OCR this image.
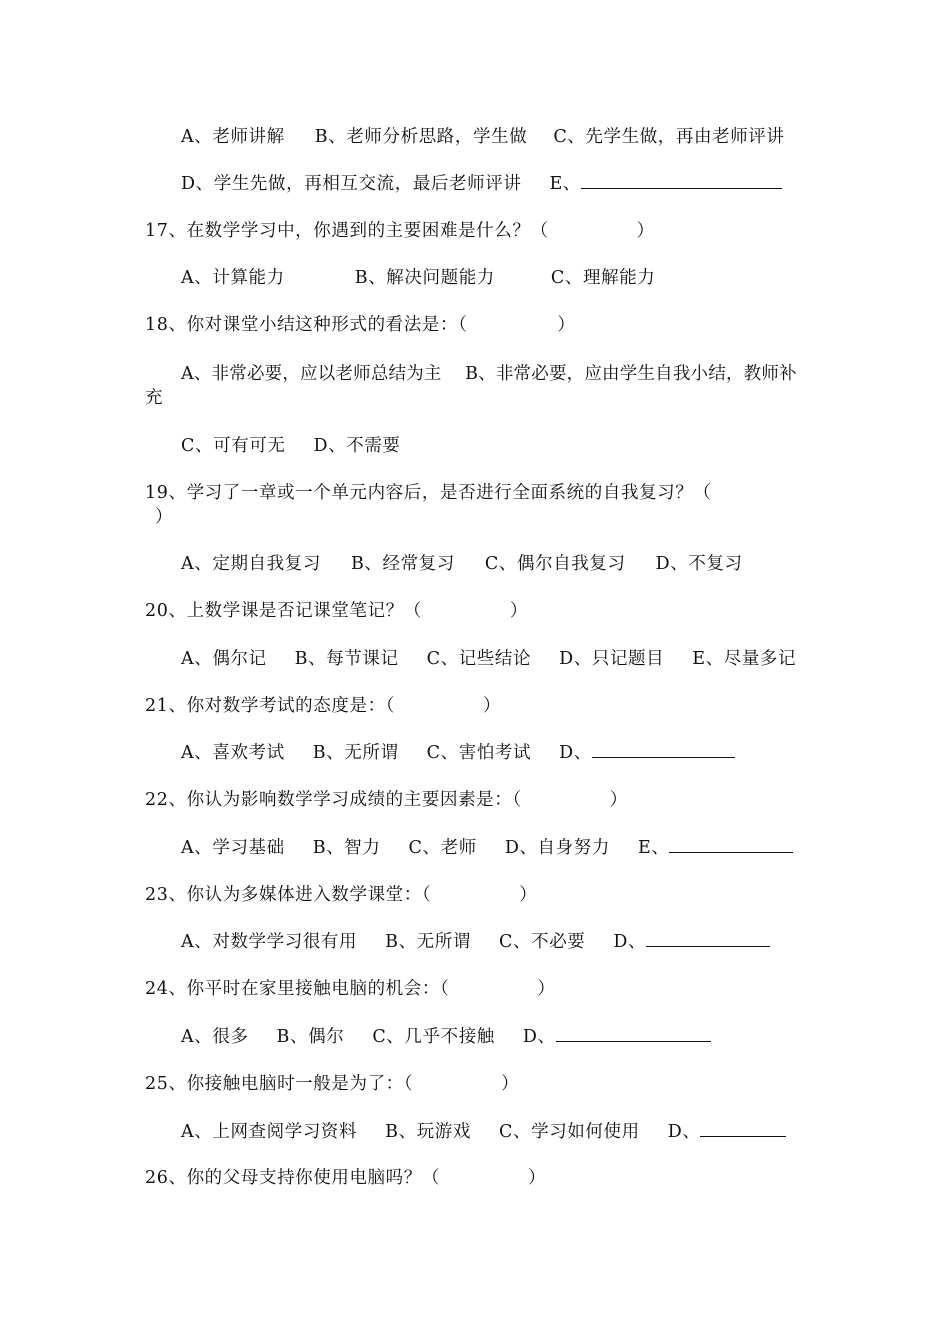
A、老师讲解 B、老师分析思路，学生做 C、先学生做，再由老师评讲
D、学生先做，再相互交流，最后老师评讲 E、
17、在数学学习中，你遇到的主要困难是什么？（	）
A、计算能力	B、解决问题能力	C、理解能力
18、你对课堂小结这种形式的看法是：（	）
A、非常必要，应以老师总结为主　 B、非常必要，应由学生自我小结，教师补
充
C、可有可无 D、不需要
19、学习了一章或一个单元内容后，是否进行全面系统的自我复习？（
）
A、定期自我复习 B、经常复习 C、偶尔自我复习 D、不复习
20、上数学课是否记课堂笔记？（	）
A、偶尔记 B、每节课记 C、记些结论 D、只记题目 E、尽量多记
21、你对数学考试的态度是：（	）
A、喜欢考试 B、无所谓 C、害怕考试 D、
22、你认为影响数学学习成绩的主要因素是：（	）
A、学习基础 B、智力 C、老师 D、自身努力 E、
23、你认为多媒体进入数学课堂：（	）
A、对数学学习很有用 B、无所谓 C、不必要 D、
24、你平时在家里接触电脑的机会：（	）
A、很多 B、偶尔 C、几乎不接触 D、
25、你接触电脑时一般是为了：（	）
A、上网查阅学习资料 B、玩游戏 C、学习如何使用 D、
26、你的父母支持你使用电脑吗？（	）
